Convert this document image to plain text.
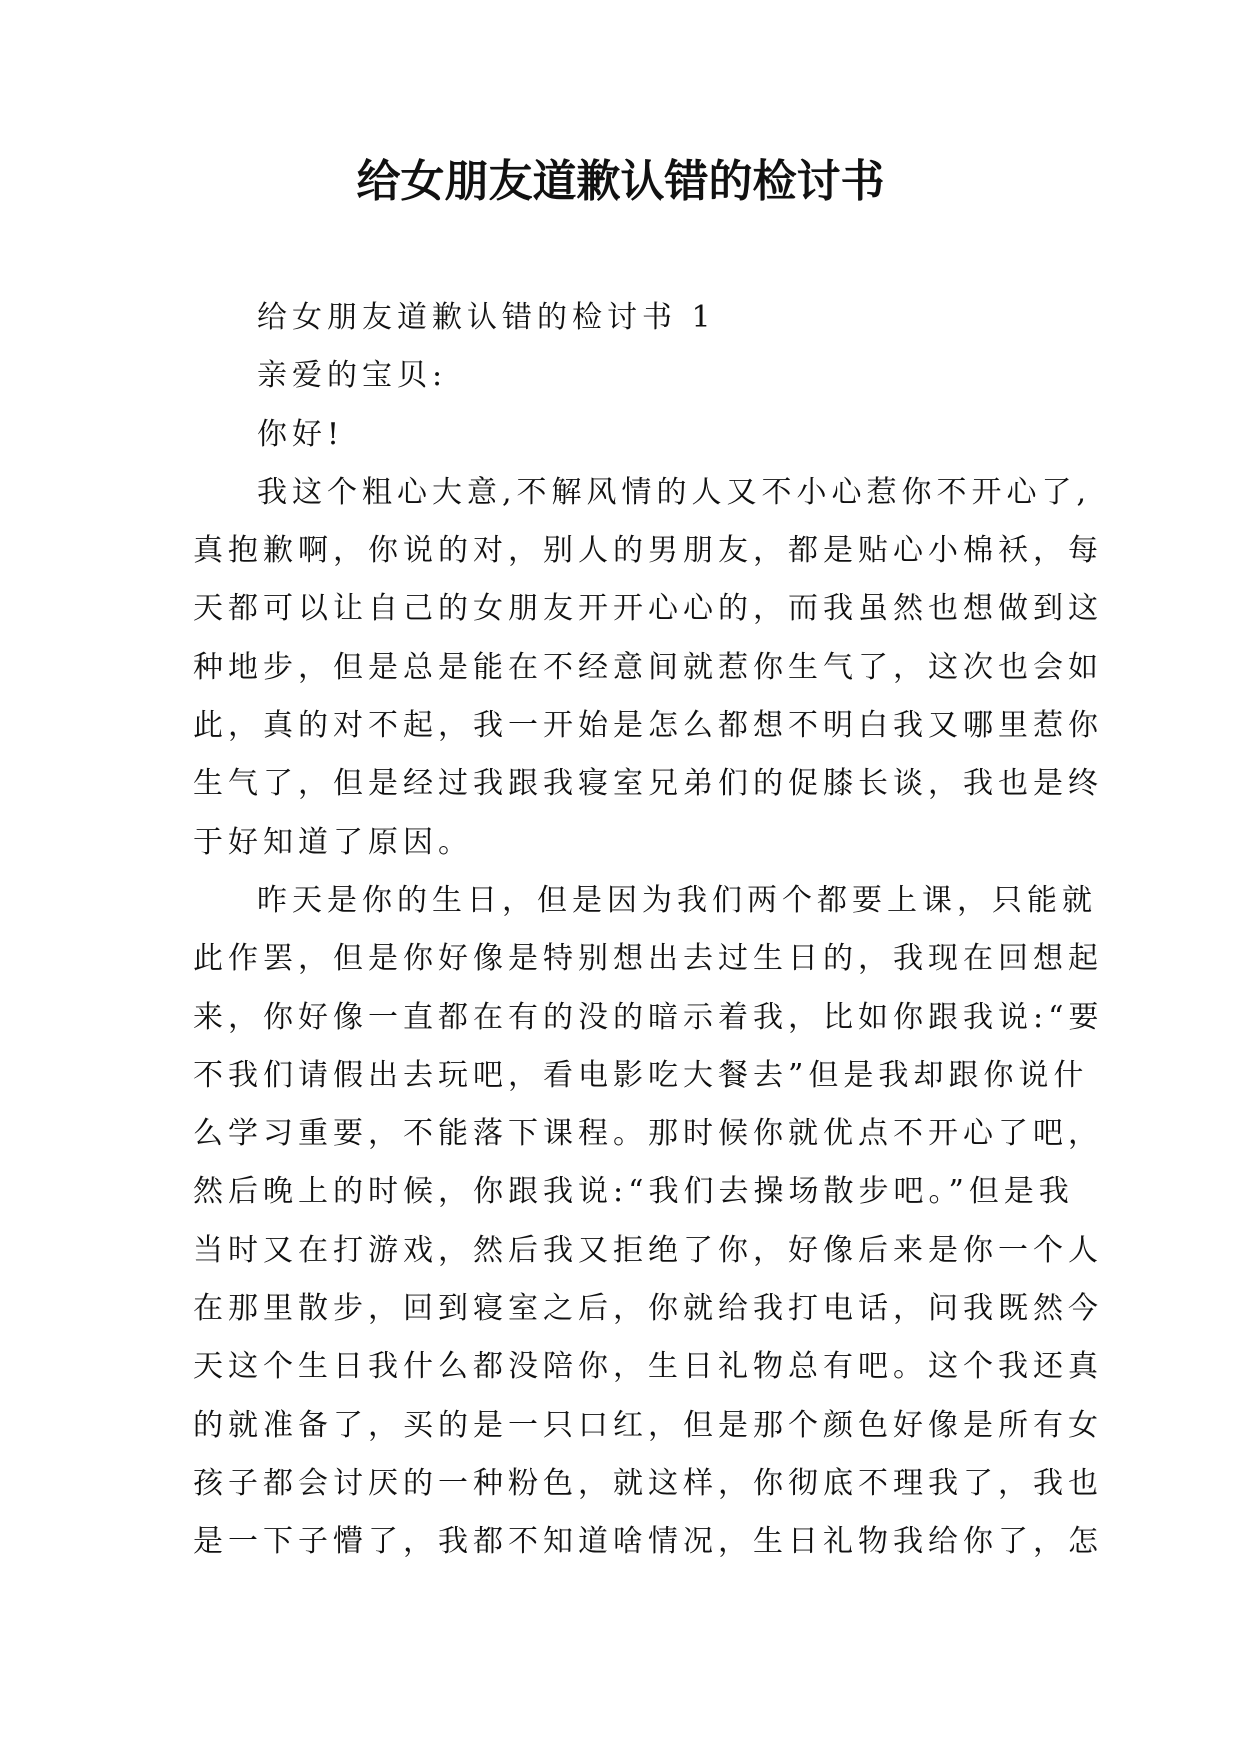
给女朋友道歉认错的检讨书
给女朋友道歉认错的检讨书 1
亲爱的宝贝:
你好!
我这个粗心大意,不解风情的人又不小心惹你不开心了,
真抱歉啊，你说的对，别人的男朋友，都是贴心小棉袄，每
天都可以让自己的女朋友开开心心的，而我虽然也想做到这
种地步，但是总是能在不经意间就惹你生气了，这次也会如
此，真的对不起，我一开始是怎么都想不明白我又哪里惹你
生气了，但是经过我跟我寝室兄弟们的促膝长谈，我也是终
于好知道了原因。
昨天是你的生日，但是因为我们两个都要上课，只能就
此作罢，但是你好像是特别想出去过生日的，我现在回想起
来，你好像一直都在有的没的暗示着我，比如你跟我说:“要
不我们请假出去玩吧，看电影吃大餐去”但是我却跟你说什
么学习重要，不能落下课程。那时候你就优点不开心了吧，
然后晚上的时候，你跟我说:“我们去操场散步吧。”但是我
当时又在打游戏，然后我又拒绝了你，好像后来是你一个人
在那里散步，回到寝室之后，你就给我打电话，问我既然今
天这个生日我什么都没陪你，生日礼物总有吧。这个我还真
的就准备了，买的是一只口红，但是那个颜色好像是所有女
孩子都会讨厌的一种粉色，就这样，你彻底不理我了，我也
是一下子懵了，我都不知道啥情况，生日礼物我给你了，怎
